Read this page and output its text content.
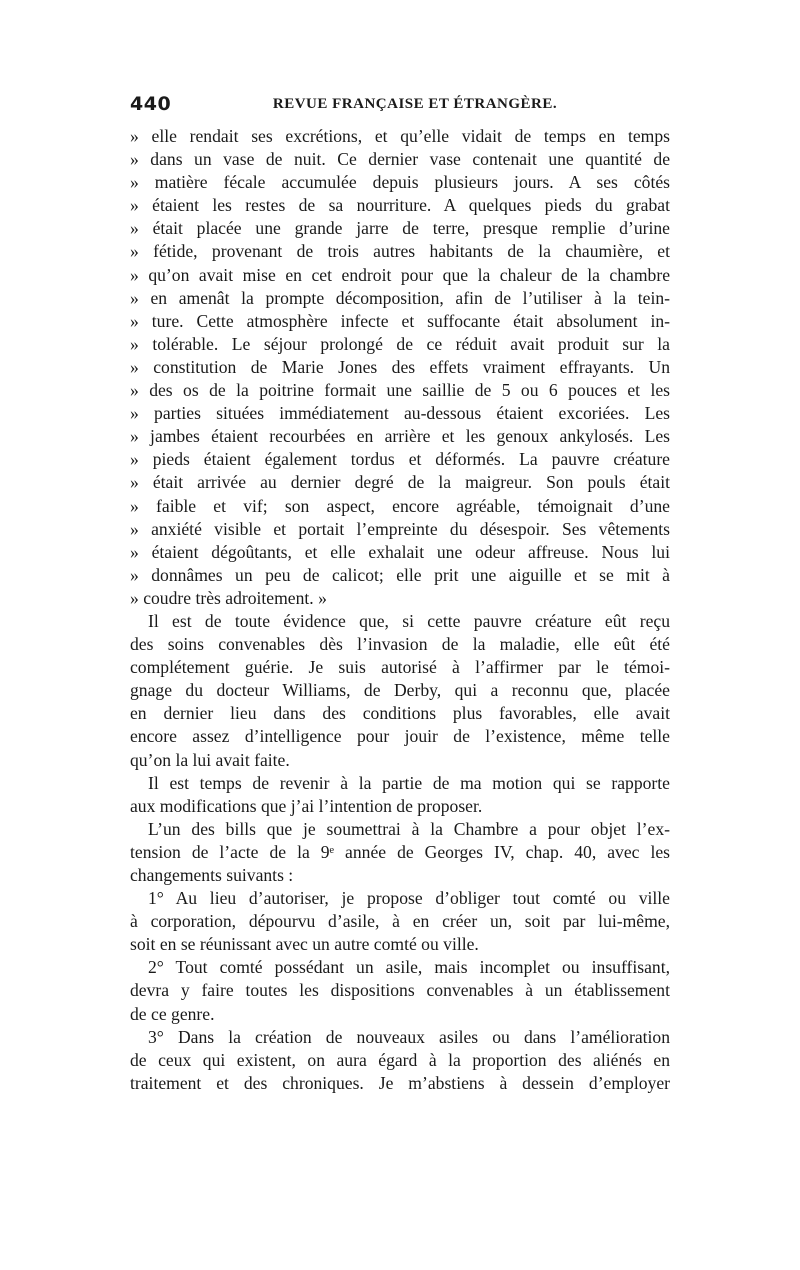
440	REVUE FRANÇAISE ET ÉTRANGÈRE.
» elle rendait ses excrétions, et qu’elle vidait de temps en temps
» dans un vase de nuit. Ce dernier vase contenait une quantité de
» matière fécale accumulée depuis plusieurs jours. A ses côtés
» étaient les restes de sa nourriture. A quelques pieds du grabat
» était placée une grande jarre de terre, presque remplie d’urine
» fétide, provenant de trois autres habitants de la chaumière, et
» qu’on avait mise en cet endroit pour que la chaleur de la chambre
» en amenât la prompte décomposition, afin de l’utiliser à la tein-
» ture. Cette atmosphère infecte et suffocante était absolument in-
» tolérable. Le séjour prolongé de ce réduit avait produit sur la
» constitution de Marie Jones des effets vraiment effrayants. Un
» des os de la poitrine formait une saillie de 5 ou 6 pouces et les
» parties situées immédiatement au-dessous étaient excoriées. Les
» jambes étaient recourbées en arrière et les genoux ankylosés. Les
» pieds étaient également tordus et déformés. La pauvre créature
» était arrivée au dernier degré de la maigreur. Son pouls était
» faible et vif; son aspect, encore agréable, témoignait d’une
» anxiété visible et portait l’empreinte du désespoir. Ses vêtements
» étaient dégoûtants, et elle exhalait une odeur affreuse. Nous lui
» donnâmes un peu de calicot; elle prit une aiguille et se mit à
» coudre très adroitement. »
Il est de toute évidence que, si cette pauvre créature eût reçu
des soins convenables dès l’invasion de la maladie, elle eût été
complétement guérie. Je suis autorisé à l’affirmer par le témoi-
gnage du docteur Williams, de Derby, qui a reconnu que, placée
en dernier lieu dans des conditions plus favorables, elle avait
encore assez d’intelligence pour jouir de l’existence, même telle
qu’on la lui avait faite.
Il est temps de revenir à la partie de ma motion qui se rapporte
aux modifications que j’ai l’intention de proposer.
L’un des bills que je soumettrai à la Chambre a pour objet l’ex-
tension de l’acte de la 9ᵉ année de Georges IV, chap. 40, avec les
changements suivants :
1° Au lieu d’autoriser, je propose d’obliger tout comté ou ville
à corporation, dépourvu d’asile, à en créer un, soit par lui-même,
soit en se réunissant avec un autre comté ou ville.
2° Tout comté possédant un asile, mais incomplet ou insuffisant,
devra y faire toutes les dispositions convenables à un établissement
de ce genre.
3° Dans la création de nouveaux asiles ou dans l’amélioration
de ceux qui existent, on aura égard à la proportion des aliénés en
traitement et des chroniques. Je m’abstiens à dessein d’employer
